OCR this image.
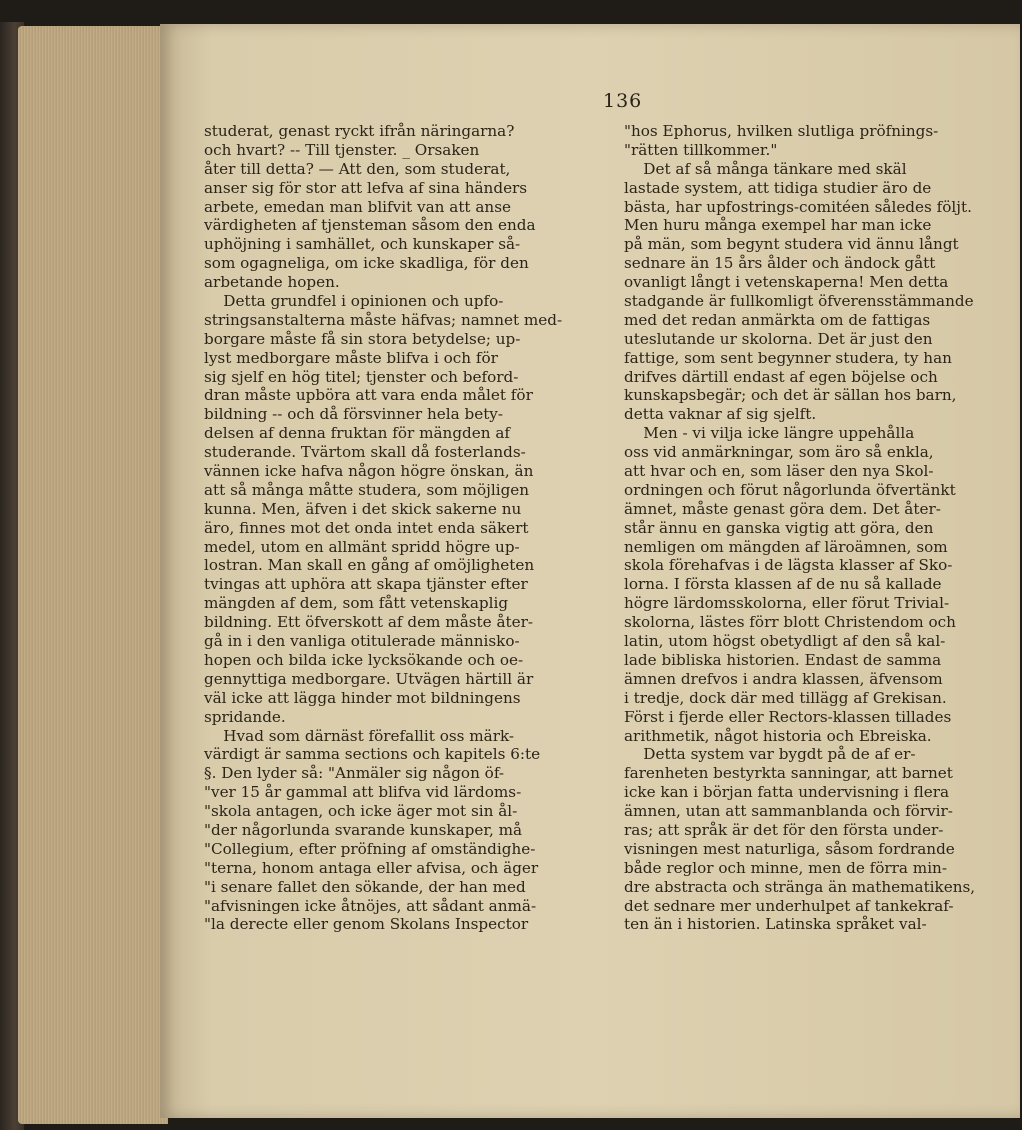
136
studerat, genast ryckt ifrån näringarna?
och hvart? -- Till tjenster. _ Orsaken
åter till detta? — Att den, som studerat,
anser sig för stor att lefva af sina händers
arbete, emedan man blifvit van att anse
värdigheten af tjensteman såsom den enda
uphöjning i samhället, och kunskaper så-
som ogagneliga, om icke skadliga, för den
arbetande hopen.
Detta grundfel i opinionen och upfo-
stringsanstalterna måste häfvas; namnet med-
borgare måste få sin stora betydelse; up-
lyst medborgare måste blifva i och för
sig sjelf en hög titel; tjenster och beford-
dran måste upböra att vara enda målet för
bildning -- och då försvinner hela bety-
delsen af denna fruktan för mängden af
studerande. Tvärtom skall då fosterlands-
vännen icke hafva någon högre önskan, än
att så många måtte studera, som möjligen
kunna. Men, äfven i det skick sakerne nu
äro, finnes mot det onda intet enda säkert
medel, utom en allmänt spridd högre up-
lostran. Man skall en gång af omöjligheten
tvingas att uphöra att skapa tjänster efter
mängden af dem, som fått vetenskaplig
bildning. Ett öfverskott af dem måste åter-
gå in i den vanliga otitulerade människo-
hopen och bilda icke lycksökande och oe-
gennyttiga medborgare. Utvägen härtill är
väl icke att lägga hinder mot bildningens
spridande.
Hvad som därnäst förefallit oss märk-
värdigt är samma sections och kapitels 6:te
§. Den lyder så: "Anmäler sig någon öf-
"ver 15 år gammal att blifva vid lärdoms-
"skola antagen, och icke äger mot sin ål-
"der någorlunda svarande kunskaper, må
"Collegium, efter pröfning af omständighe-
"terna, honom antaga eller afvisa, och äger
"i senare fallet den sökande, der han med
"afvisningen icke åtnöjes, att sådant anmä-
"la derecte eller genom Skolans Inspector
"hos Ephorus, hvilken slutliga pröfnings-
"rätten tillkommer."
Det af så många tänkare med skäl
lastade system, att tidiga studier äro de
bästa, har upfostrings-comitéen således följt.
Men huru många exempel har man icke
på män, som begynt studera vid ännu långt
sednare än 15 års ålder och ändock gått
ovanligt långt i vetenskaperna! Men detta
stadgande är fullkomligt öfverensstämmande
med det redan anmärkta om de fattigas
uteslutande ur skolorna. Det är just den
fattige, som sent begynner studera, ty han
drifves därtill endast af egen böjelse och
kunskapsbegär; och det är sällan hos barn,
detta vaknar af sig sjelft.
Men - vi vilja icke längre uppehålla
oss vid anmärkningar, som äro så enkla,
att hvar och en, som läser den nya Skol-
ordningen och förut någorlunda öfvertänkt
ämnet, måste genast göra dem. Det åter-
står ännu en ganska vigtig att göra, den
nemligen om mängden af läroämnen, som
skola förehafvas i de lägsta klasser af Sko-
lorna. I första klassen af de nu så kallade
högre lärdomsskolorna, eller förut Trivial-
skolorna, lästes förr blott Christendom och
latin, utom högst obetydligt af den så kal-
lade bibliska historien. Endast de samma
ämnen drefvos i andra klassen, äfvensom
i tredje, dock där med tillägg af Grekisan.
Först i fjerde eller Rectors-klassen tillades
arithmetik, något historia och Ebreiska.
Detta system var bygdt på de af er-
farenheten bestyrkta sanningar, att barnet
icke kan i början fatta undervisning i flera
ämnen, utan att sammanblanda och förvir-
ras; att språk är det för den första under-
visningen mest naturliga, såsom fordrande
både reglor och minne, men de förra min-
dre abstracta och stränga än mathematikens,
det sednare mer underhulpet af tankekraf-
ten än i historien. Latinska språket val-
